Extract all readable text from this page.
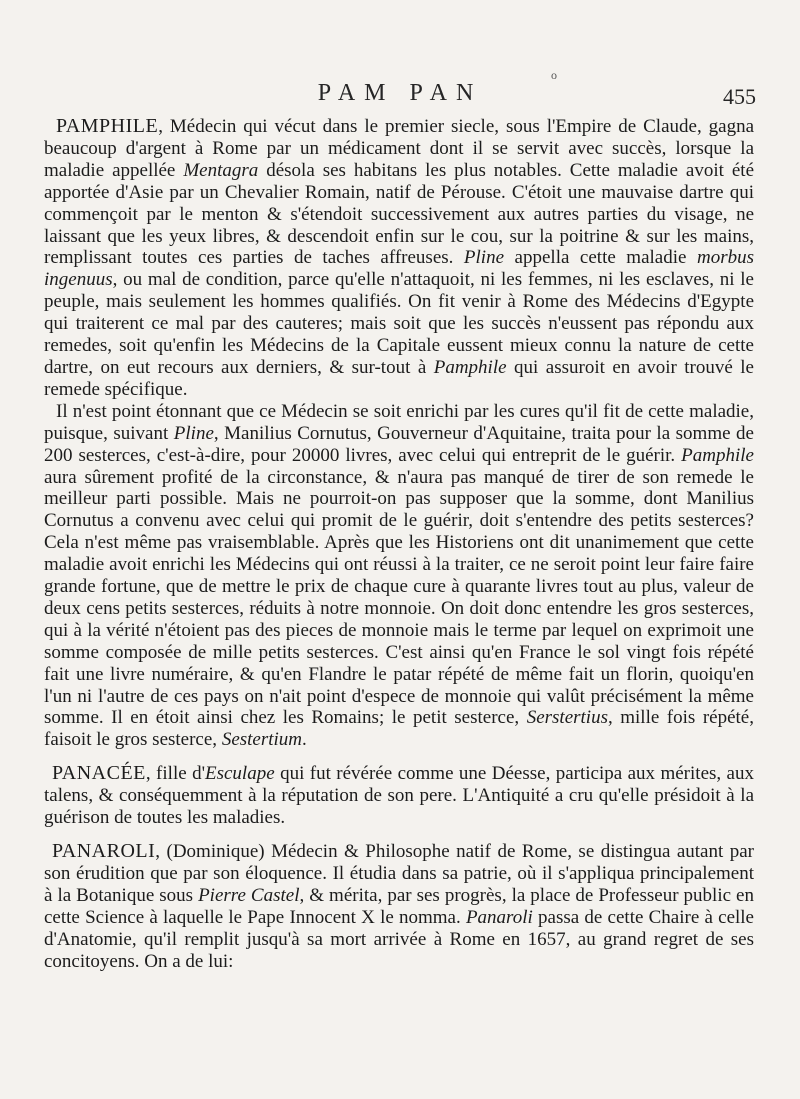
o
PAM PAN	455

PAMPHILE, Médecin qui vécut dans le premier siecle, sous l'Empire de Claude, gagna beaucoup d'argent à Rome par un médicament dont il se servit avec succès, lorsque la maladie appellée Mentagra désola ses habitans les plus notables. Cette maladie avoit été apportée d'Asie par un Chevalier Romain, natif de Pérouse. C'étoit une mauvaise dartre qui commençoit par le menton & s'étendoit successivement aux autres parties du visage, ne laissant que les yeux libres, & descendoit enfin sur le cou, sur la poitrine & sur les mains, remplissant toutes ces parties de taches affreuses. Pline appella cette maladie morbus ingenuus, ou mal de condition, parce qu'elle n'attaquoit, ni les femmes, ni les esclaves, ni le peuple, mais seulement les hommes qualifiés. On fit venir à Rome des Médecins d'Egypte qui traiterent ce mal par des cauteres; mais soit que les succès n'eussent pas répondu aux remedes, soit qu'enfin les Médecins de la Capitale eussent mieux connu la nature de cette dartre, on eut recours aux derniers, & sur-tout à Pamphile qui assuroit en avoir trouvé le remede spécifique.

Il n'est point étonnant que ce Médecin se soit enrichi par les cures qu'il fit de cette maladie, puisque, suivant Pline, Manilius Cornutus, Gouverneur d'Aquitaine, traita pour la somme de 200 sesterces, c'est-à-dire, pour 20000 livres, avec celui qui entreprit de le guérir. Pamphile aura sûrement profité de la circonstance, & n'aura pas manqué de tirer de son remede le meilleur parti possible. Mais ne pourroit-on pas supposer que la somme, dont Manilius Cornutus a convenu avec celui qui promit de le guérir, doit s'entendre des petits sesterces? Cela n'est même pas vraisemblable. Après que les Historiens ont dit unanimement que cette maladie avoit enrichi les Médecins qui ont réussi à la traiter, ce ne seroit point leur faire faire grande fortune, que de mettre le prix de chaque cure à quarante livres tout au plus, valeur de deux cens petits sesterces, réduits à notre monnoie. On doit donc entendre les gros sesterces, qui à la vérité n'étoient pas des pieces de monnoie mais le terme par lequel on exprimoit une somme composée de mille petits sesterces. C'est ainsi qu'en France le sol vingt fois répété fait une livre numéraire, & qu'en Flandre le patar répété de même fait un florin, quoiqu'en l'un ni l'autre de ces pays on n'ait point d'espece de monnoie qui valût précisément la même somme. Il en étoit ainsi chez les Romains; le petit sesterce, Serstertius, mille fois répété, faisoit le gros sesterce, Sestertium.

PANACÉE, fille d'Esculape qui fut révérée comme une Déesse, participa aux mérites, aux talens, & conséquemment à la réputation de son pere. L'Antiquité a cru qu'elle présidoit à la guérison de toutes les maladies.

PANAROLI, (Dominique) Médecin & Philosophe natif de Rome, se distingua autant par son érudition que par son éloquence. Il étudia dans sa patrie, où il s'appliqua principalement à la Botanique sous Pierre Castel, & mérita, par ses progrès, la place de Professeur public en cette Science à laquelle le Pape Innocent X le nomma. Panaroli passa de cette Chaire à celle d'Anatomie, qu'il remplit jusqu'à sa mort arrivée à Rome en 1657, au grand regret de ses concitoyens. On a de lui:
